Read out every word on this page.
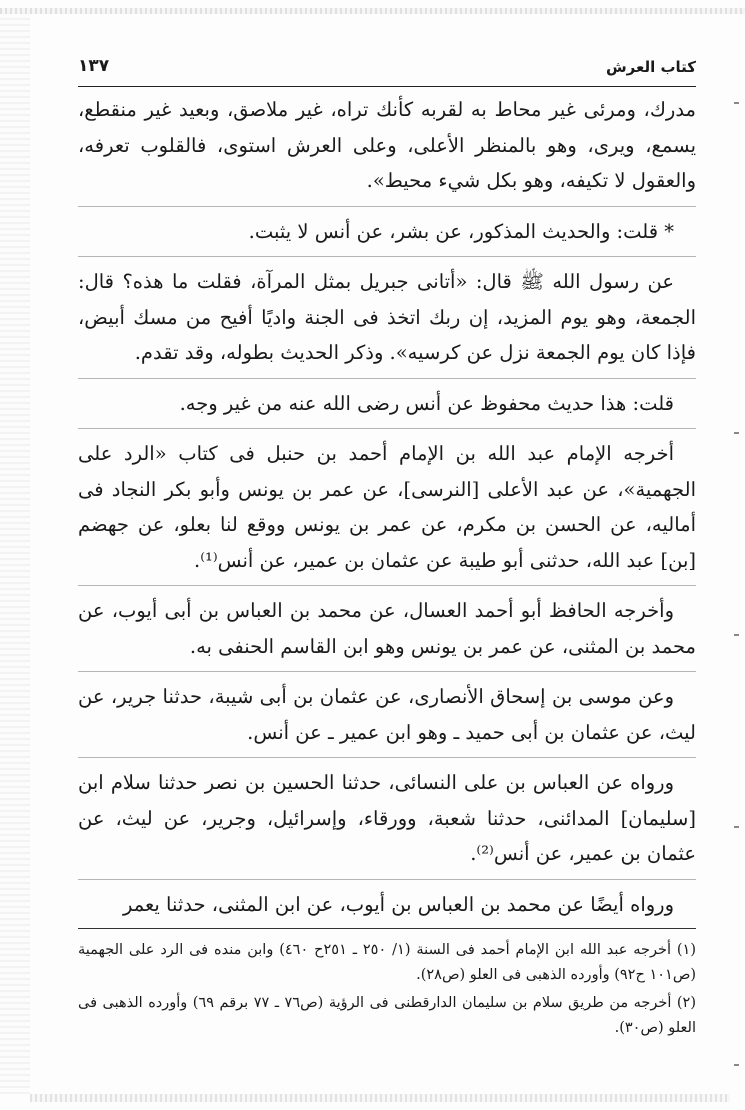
كتاب العرش
١٣٧

مدرك، ومرئى غير محاط به لقربه كأنك تراه، غير ملاصق، وبعيد غير منقطع، يسمع، ويرى، وهو بالمنظر الأعلى، وعلى العرش استوى، فالقلوب تعرفه، والعقول لا تكيفه، وهو بكل شيء محيط».

* قلت: والحديث المذكور، عن بشر، عن أنس لا يثبت.

عن رسول الله ﷺ قال: «أتانى جبريل بمثل المرآة، فقلت ما هذه؟ قال: الجمعة، وهو يوم المزيد، إن ربك اتخذ فى الجنة واديًا أفيح من مسك أبيض، فإذا كان يوم الجمعة نزل عن كرسيه». وذكر الحديث بطوله، وقد تقدم.

قلت: هذا حديث محفوظ عن أنس رضى الله عنه من غير وجه.

أخرجه الإمام عبد الله بن الإمام أحمد بن حنبل فى كتاب «الرد على الجهمية»، عن عبد الأعلى [النرسى]، عن عمر بن يونس وأبو بكر النجاد فى أماليه، عن الحسن بن مكرم، عن عمر بن يونس ووقع لنا بعلو، عن جهضم [بن] عبد الله، حدثنى أبو طيبة عن عثمان بن عمير، عن أنس⁽¹⁾.

وأخرجه الحافظ أبو أحمد العسال، عن محمد بن العباس بن أبى أيوب، عن محمد بن المثنى، عن عمر بن يونس وهو ابن القاسم الحنفى به.

وعن موسى بن إسحاق الأنصارى، عن عثمان بن أبى شيبة، حدثنا جرير، عن ليث، عن عثمان بن أبى حميد ـ وهو ابن عمير ـ عن أنس.

ورواه عن العباس بن على النسائى، حدثنا الحسين بن نصر حدثنا سلام ابن [سليمان] المدائنى، حدثنا شعبة، وورقاء، وإسرائيل، وجرير، عن ليث، عن عثمان بن عمير، عن أنس⁽²⁾.

ورواه أيضًا عن محمد بن العباس بن أيوب، عن ابن المثنى، حدثنا يعمر

(١) أخرجه عبد الله ابن الإمام أحمد فى السنة (١/ ٢٥٠ ـ ٢٥١ح ٤٦٠) وابن منده فى الرد على الجهمية (ص١٠١ ح٩٢) وأورده الذهبى فى العلو (ص٢٨).

(٢) أخرجه من طريق سلام بن سليمان الدارقطنى فى الرؤية (ص٧٦ ـ ٧٧ برقم ٦٩) وأورده الذهبى فى العلو (ص٣٠).
